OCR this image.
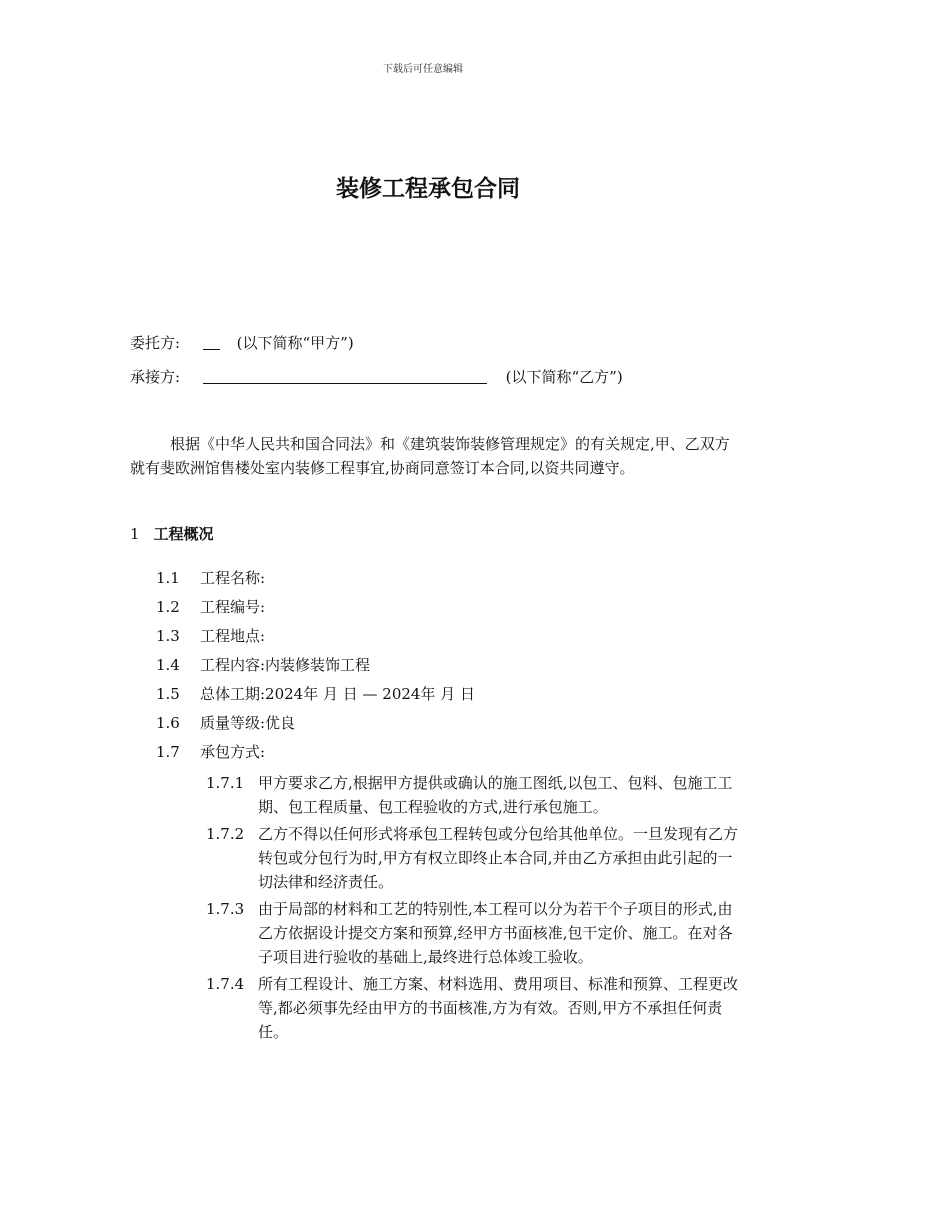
下载后可任意编辑
装修工程承包合同
委托方:	(以下简称“甲方”)
承接方:	(以下简称“乙方”)

根据《中华人民共和国合同法》和《建筑装饰装修管理规定》的有关规定,甲、乙双方就有斐欧洲馆售楼处室内装修工程事宜,协商同意签订本合同,以资共同遵守。

1 工程概况
1.1 工程名称:
1.2 工程编号:
1.3 工程地点:
1.4 工程内容:内装修装饰工程
1.5 总体工期:2024年 月 日 — 2024年 月 日
1.6 质量等级:优良
1.7 承包方式:
1.7.1 甲方要求乙方,根据甲方提供或确认的施工图纸,以包工、包料、包施工工期、包工程质量、包工程验收的方式,进行承包施工。
1.7.2 乙方不得以任何形式将承包工程转包或分包给其他单位。一旦发现有乙方转包或分包行为时,甲方有权立即终止本合同,并由乙方承担由此引起的一切法律和经济责任。
1.7.3 由于局部的材料和工艺的特别性,本工程可以分为若干个子项目的形式,由乙方依据设计提交方案和预算,经甲方书面核准,包干定价、施工。在对各子项目进行验收的基础上,最终进行总体竣工验收。
1.7.4 所有工程设计、施工方案、材料选用、费用项目、标准和预算、工程更改等,都必须事先经由甲方的书面核准,方为有效。否则,甲方不承担任何责任。
